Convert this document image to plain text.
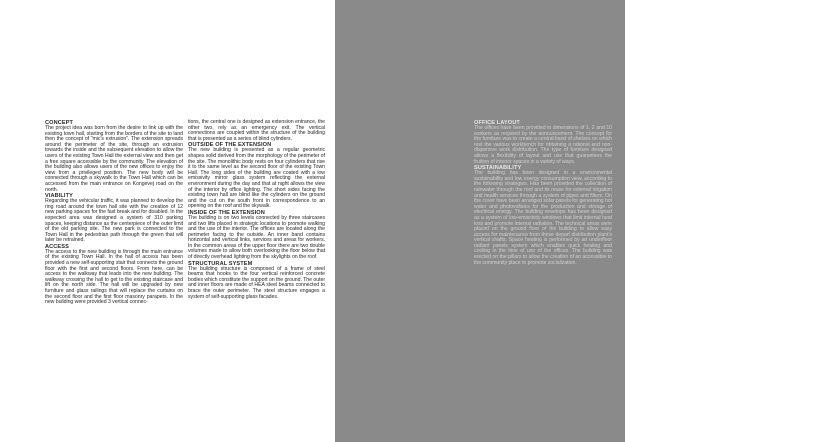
CONCEPT

The project idea was born from the desire to link up with the existing town hall, starting from the borders of the site to land then the concept of "mic's extrusion". The extension spreads around the perimeter of the site, through an extrusion towards the inside and the subsequent elevation to allow the users of the existing Town Hall the external view and then get a free square accessible by the community. The elevation of the building also allows users of the new offices to enjoy the view from a privileged position. The new body will be connected through a skywalk to the Town Hall which can be accessed from the main entrance on Kongevej road on the north.

VIABILITY

Regarding the vehicular traffic, it was planned to develop the ring road around the town hall site with the creation of 12 new parking spaces for the fast break and for disabled. In the expected area was designed a system of 310 parking spaces, keeping distance as the centerpiece of the outer limit of the old parking site. The new park is connected to the Town Hall in the pedestrian path through the green that will later be retrained.

ACCESS

The access to the new building is through the main entrance of the existing Town Hall. In the hall of access has been provided a new self-supporting stair that connects the ground floor with the first and second floors. From here, can be access to the walkway that leads into the new building. The walkway crossing the hall to get to the existing staircase and lift on the north side. The hall will be upgraded by new furniture and glass railings that will replace the curtains on the second floor and the first floor masonry parapets. In the new building were provided 3 vertical connec-

tions, the central one is designed as extension entrance, the other two, rely as an emergency exit. The vertical connections are coupled within the structure of the building that is presented as a series of blind cylinders.

OUTSIDE OF THE EXTENSION

The new building is presented as a regular geometric shapes solid derived from the morphology of the perimeter of the site. The monolithic body rests on four cylinders that rise it to the same level as the second floor of the existing Town Hall. The long sides of the building are coated with a low emissivity mirror glass system reflecting the external environment during the day and that at night allows the view of the interior by office lighting. The short sides facing the existing town hall are blind like the cylinders on the ground and the cut on the south front in correspondence to an opening on the roof and the skywalk.

INSIDE OF THE EXTENSION

The building is on two levels connected by three staircases and two lifts placed in strategic locations to promote walking and the use of the interior. The offices are located along the perimeter facing to the outside. An inner band contains horizontal and vertical links, services and areas for workers. In the common areas of the upper floor there are two double volumes made to allow both overlooking the floor below that of directly overhead lighting from the skylights on the roof.

STRUCTURAL SYSTEM

The building structure is composed of a frame of steel beams that hooks to the four vertical reinforced concrete bodies which constitute the support on the ground. The outer and inner floors are made of HEA steel beams connected to brace the outer perimeter. The steel structure engages a system of self-supporting glass facades.

OFFICE LAYOUT

The offices have been provided in dimensions of 1, 2 and 10 workers as required by the announcement. The concept for the furniture was to create a central band of shelves on which rest the various workbench for obtaining a rational and non-dispersive work distribution. The type of furniture designed allows a flexibility of layout and use that guarantees the fruition of interior spaces in a variety of ways.

SUSTAINABILITY

The building has been designed in a environmental sustainability and low energy consumption view, according to the following strategies. Has been provided the collection of rainwater through the roof and its reuse for external irrigation and health services through a system of pipes and filters. On the cover have been arranged solar panels for generating hot water and photovoltaics for the production and storage of electrical energy. The building envelope has been designed as a system of low-emissivity windows that limit internal heat loss and promote internal radiation. The technical areas were placed on the ground floor of the building to allow easy access for maintenance from these depart distribution plant's vertical shafts. Space heating is performed by an underfloor radiant panels system which enables quick heating and cooling in the time of use of the offices. The building was erected on the pillars to allow the creation of an accessible to the community place to promote socialization.
